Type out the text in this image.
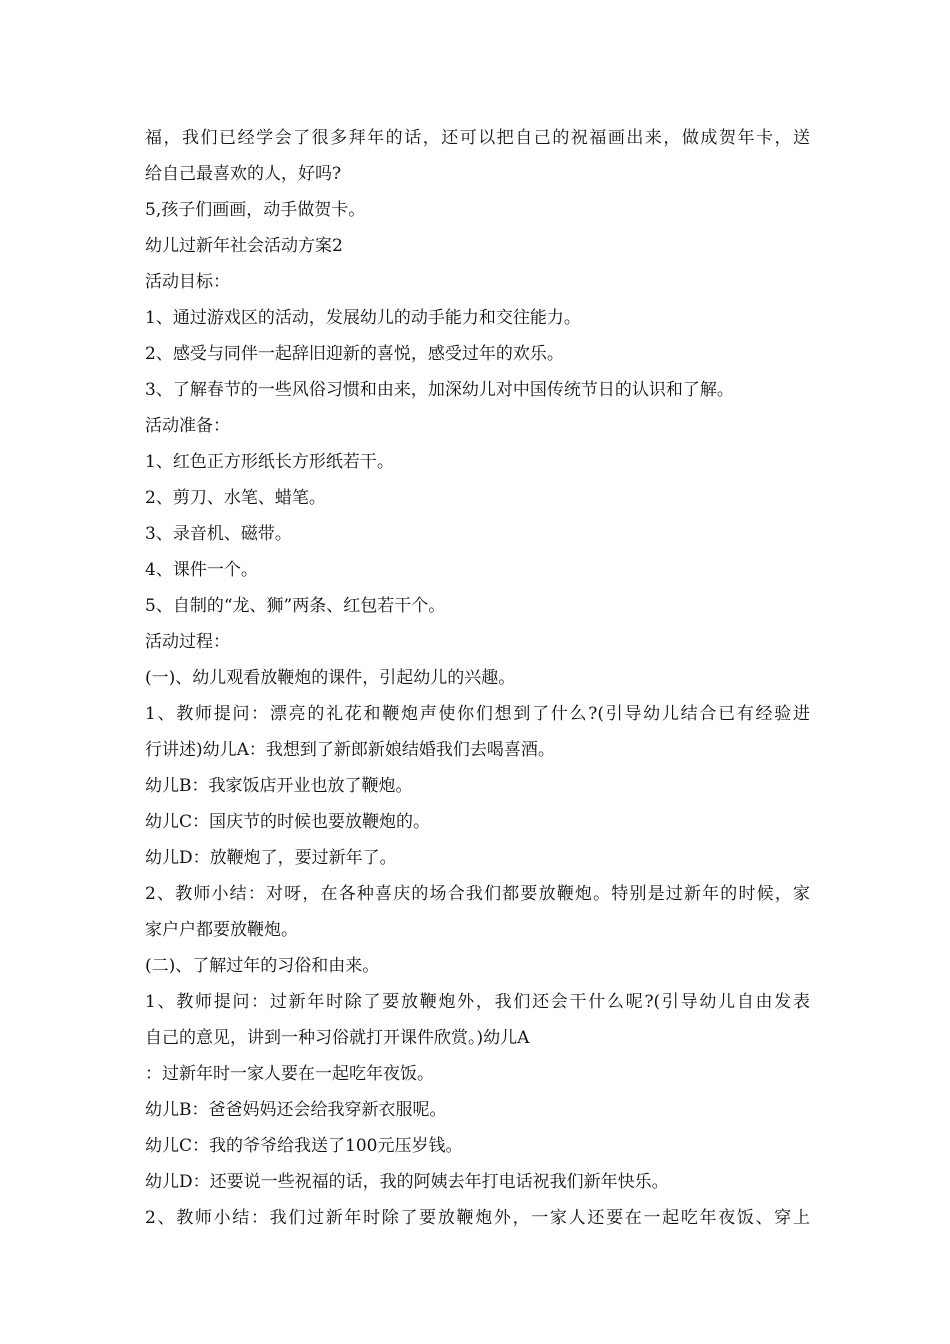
福，我们已经学会了很多拜年的话，还可以把自己的祝福画出来，做成贺年卡，送
给自己最喜欢的人，好吗?
5,孩子们画画，动手做贺卡。
幼儿过新年社会活动方案2
活动目标：
1、通过游戏区的活动，发展幼儿的动手能力和交往能力。
2、感受与同伴一起辞旧迎新的喜悦，感受过年的欢乐。
3、了解春节的一些风俗习惯和由来，加深幼儿对中国传统节日的认识和了解。
活动准备：
1、红色正方形纸长方形纸若干。
2、剪刀、水笔、蜡笔。
3、录音机、磁带。
4、课件一个。
5、自制的“龙、狮”两条、红包若干个。
活动过程：
(一)、幼儿观看放鞭炮的课件，引起幼儿的兴趣。
1、教师提问：漂亮的礼花和鞭炮声使你们想到了什么?(引导幼儿结合已有经验进
行讲述)幼儿A：我想到了新郎新娘结婚我们去喝喜酒。
幼儿B：我家饭店开业也放了鞭炮。
幼儿C：国庆节的时候也要放鞭炮的。
幼儿D：放鞭炮了，要过新年了。
2、教师小结：对呀，在各种喜庆的场合我们都要放鞭炮。特别是过新年的时候，家
家户户都要放鞭炮。
(二)、了解过年的习俗和由来。
1、教师提问：过新年时除了要放鞭炮外，我们还会干什么呢?(引导幼儿自由发表
自己的意见，讲到一种习俗就打开课件欣赏。)幼儿A
：过新年时一家人要在一起吃年夜饭。
幼儿B：爸爸妈妈还会给我穿新衣服呢。
幼儿C：我的爷爷给我送了100元压岁钱。
幼儿D：还要说一些祝福的话，我的阿姨去年打电话祝我们新年快乐。
2、教师小结：我们过新年时除了要放鞭炮外，一家人还要在一起吃年夜饭、穿上
